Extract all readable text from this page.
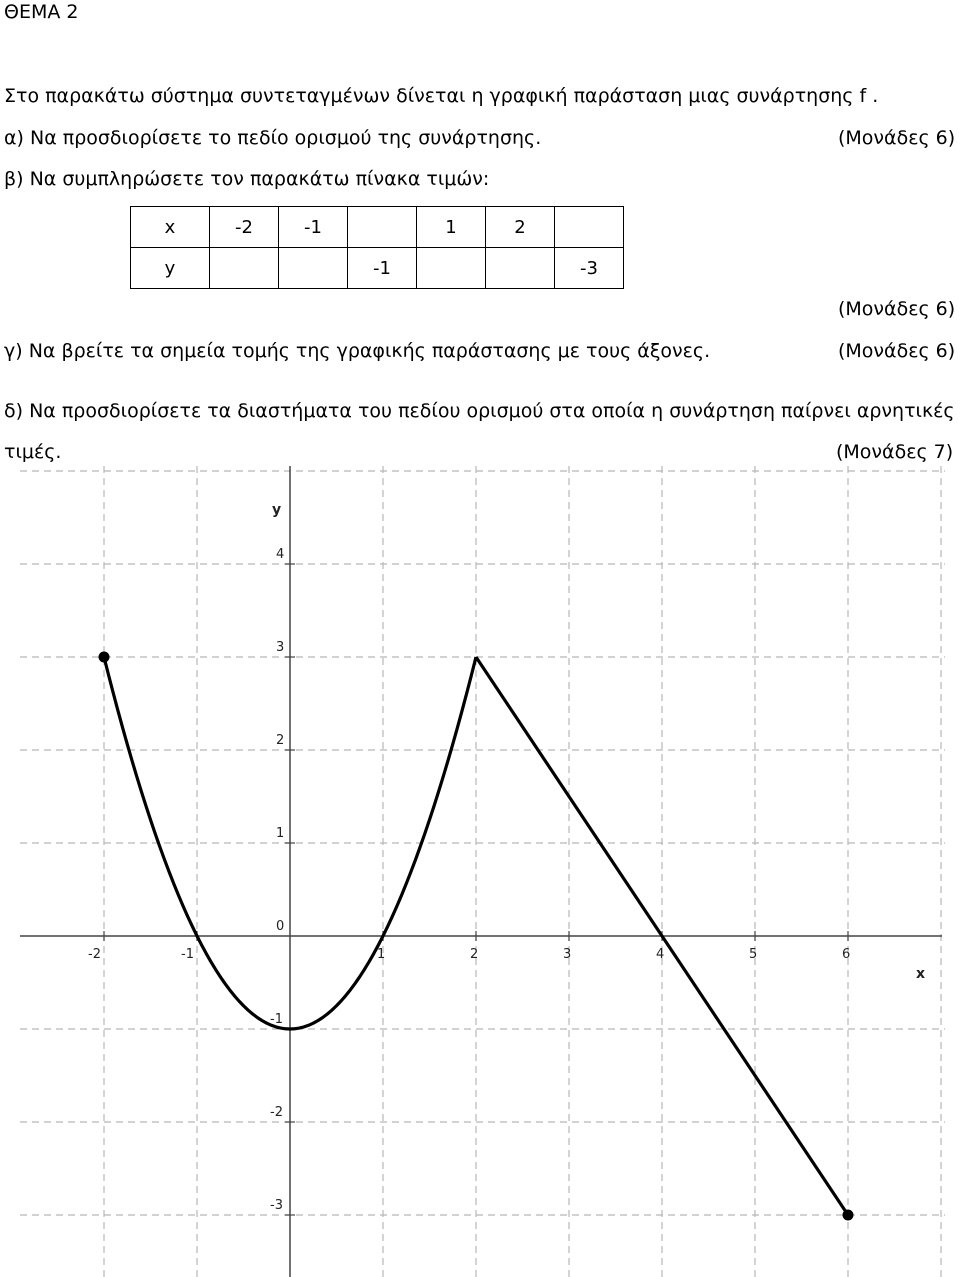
ΘΕΜΑ 2
Στο παρακάτω σύστημα συντεταγμένων δίνεται η γραφική παράσταση μιας συνάρτησης f .
α) Να προσδιορίσετε το πεδίο ορισμού της συνάρτησης.	(Μονάδες 6)
β) Να συμπληρώσετε τον παρακάτω πίνακα τιμών:
x	-2	-1		1	2	
y			-1			-3
(Μονάδες 6)
γ) Να βρείτε τα σημεία τομής της γραφικής παράστασης με τους άξονες.	(Μονάδες 6)
δ) Να προσδιορίσετε τα διαστήματα του πεδίου ορισμού στα οποία η συνάρτηση παίρνει αρνητικές
τιμές.	(Μονάδες 7)
-2	-1	1	2	3	4	5	6
-3
-2
-1
1
2
3
4
0
x
y
